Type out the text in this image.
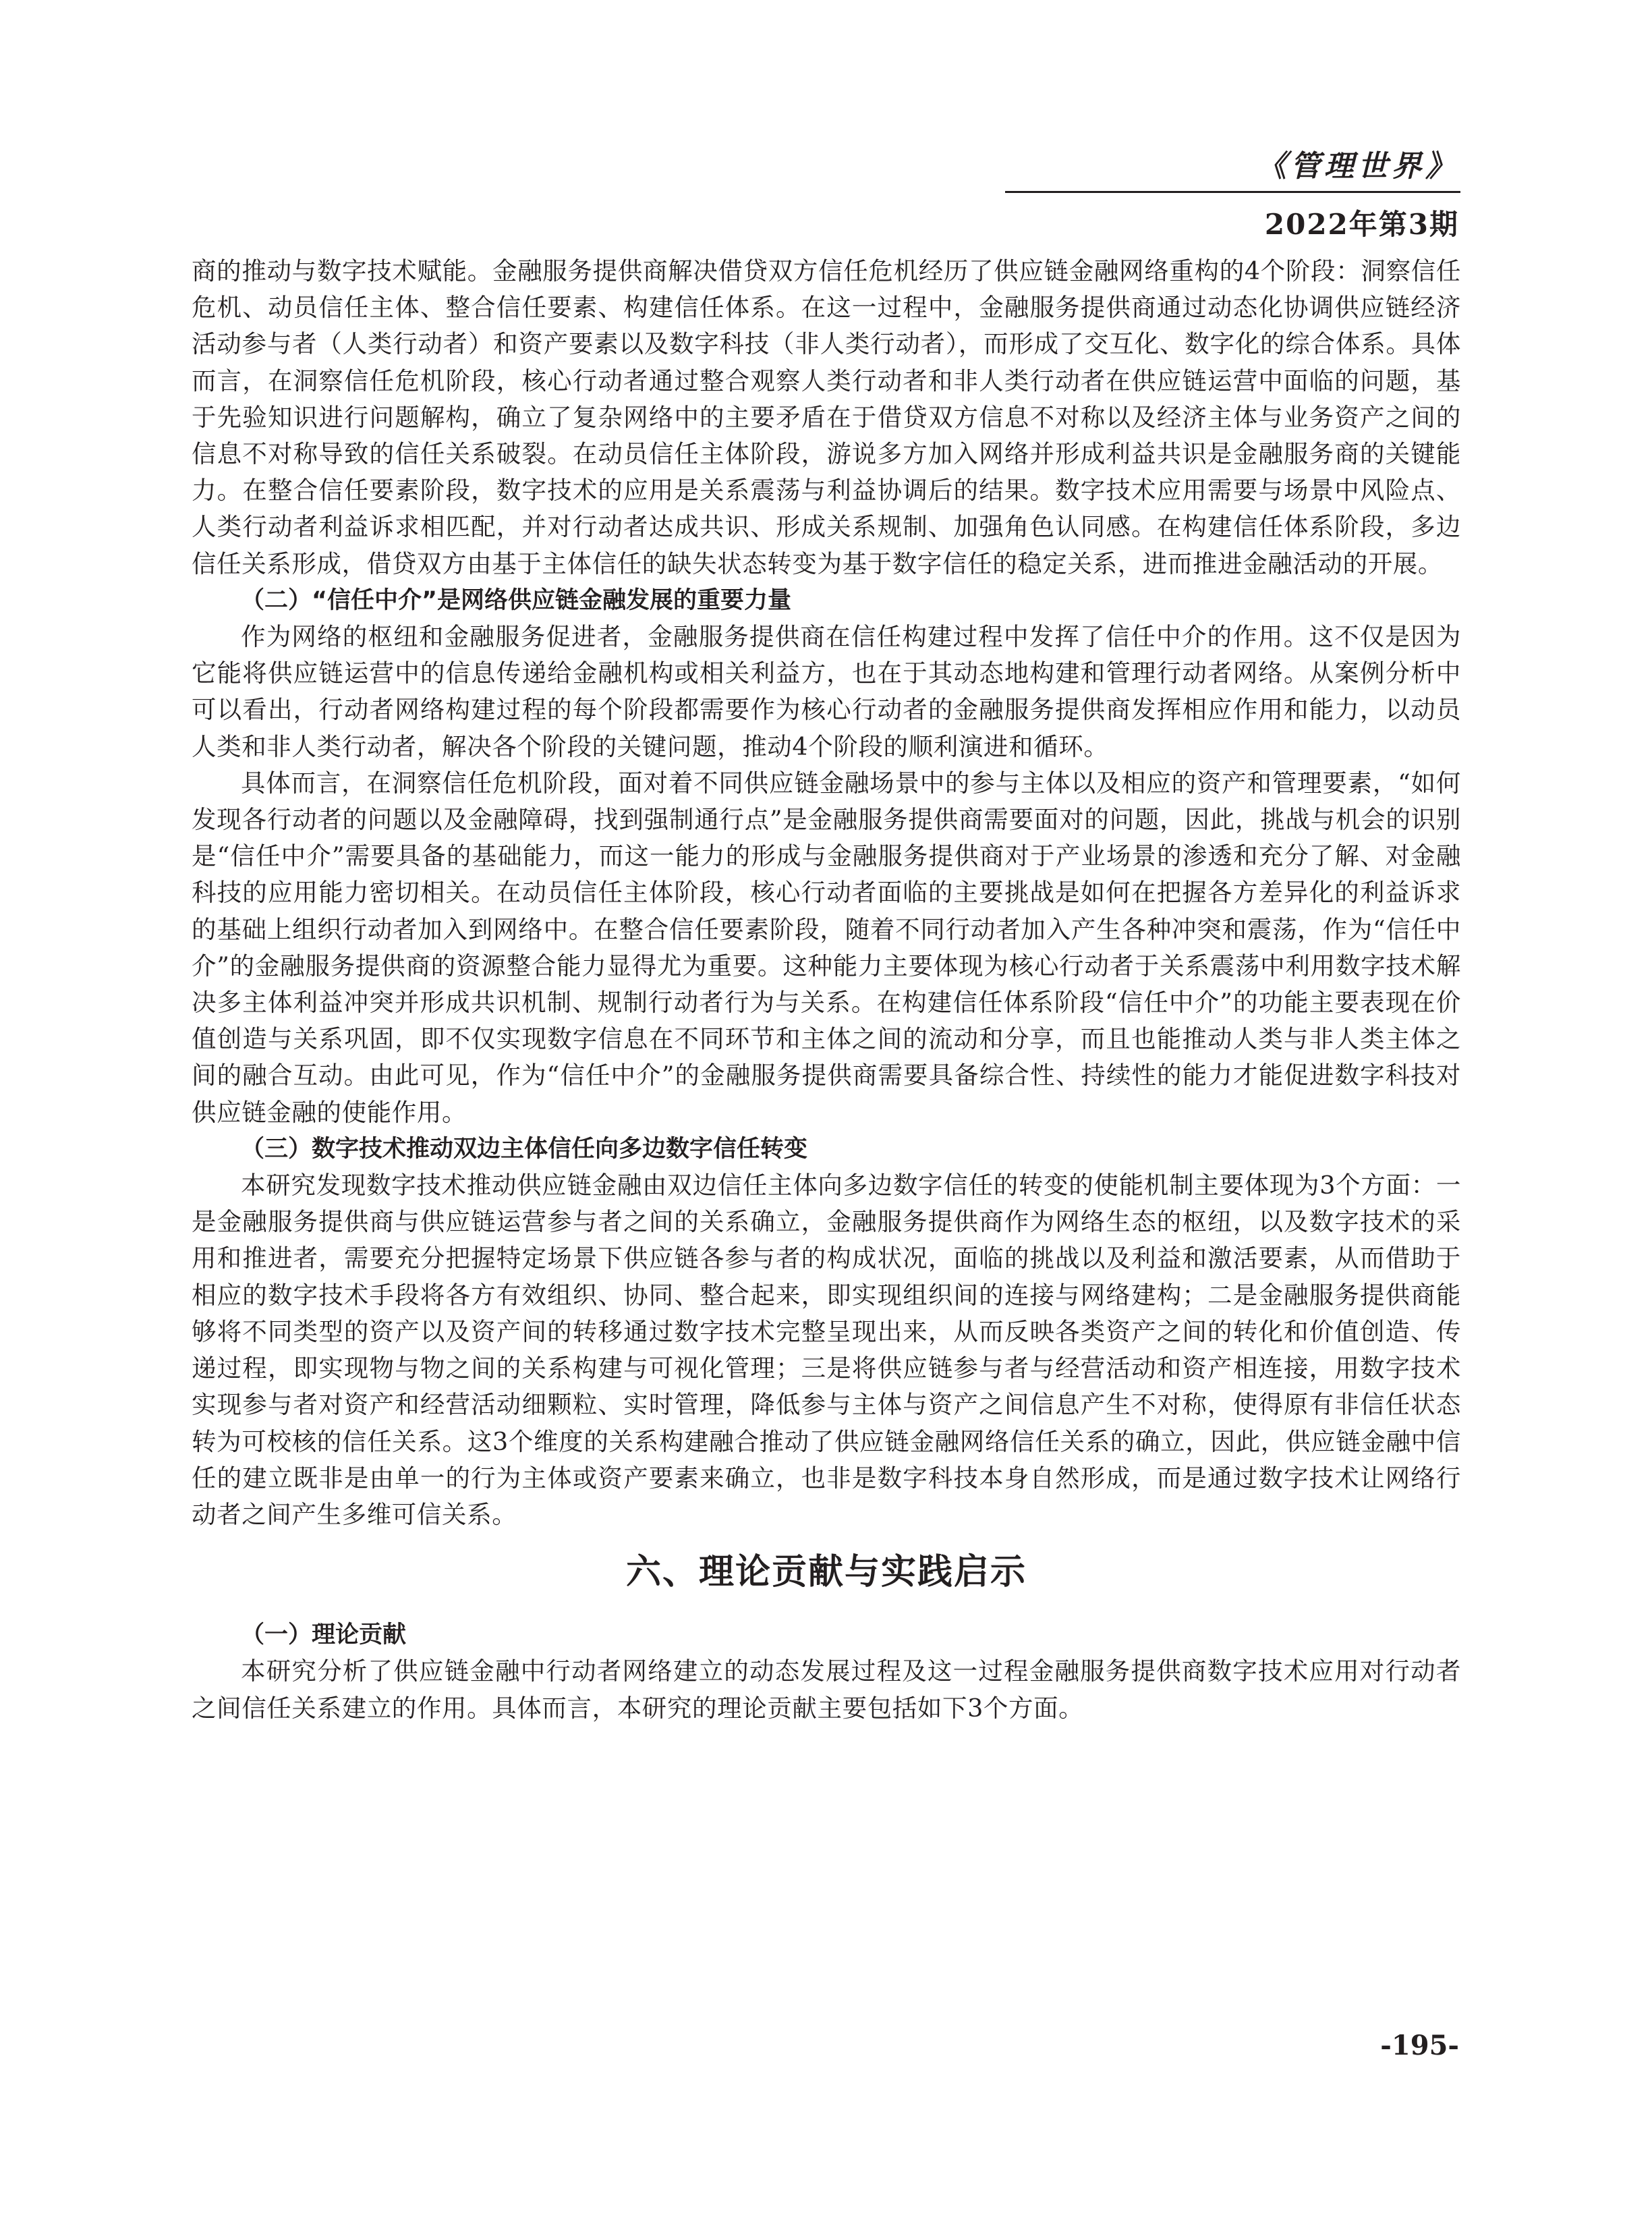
《管理世界》
2022年第3期

商的推动与数字技术赋能。金融服务提供商解决借贷双方信任危机经历了供应链金融网络重构的4个阶段：洞察信任危机、动员信任主体、整合信任要素、构建信任体系。在这一过程中，金融服务提供商通过动态化协调供应链经济活动参与者（人类行动者）和资产要素以及数字科技（非人类行动者），而形成了交互化、数字化的综合体系。具体而言，在洞察信任危机阶段，核心行动者通过整合观察人类行动者和非人类行动者在供应链运营中面临的问题，基于先验知识进行问题解构，确立了复杂网络中的主要矛盾在于借贷双方信息不对称以及经济主体与业务资产之间的信息不对称导致的信任关系破裂。在动员信任主体阶段，游说多方加入网络并形成利益共识是金融服务商的关键能力。在整合信任要素阶段，数字技术的应用是关系震荡与利益协调后的结果。数字技术应用需要与场景中风险点、人类行动者利益诉求相匹配，并对行动者达成共识、形成关系规制、加强角色认同感。在构建信任体系阶段，多边信任关系形成，借贷双方由基于主体信任的缺失状态转变为基于数字信任的稳定关系，进而推进金融活动的开展。

（二）“信任中介”是网络供应链金融发展的重要力量

作为网络的枢纽和金融服务促进者，金融服务提供商在信任构建过程中发挥了信任中介的作用。这不仅是因为它能将供应链运营中的信息传递给金融机构或相关利益方，也在于其动态地构建和管理行动者网络。从案例分析中可以看出，行动者网络构建过程的每个阶段都需要作为核心行动者的金融服务提供商发挥相应作用和能力，以动员人类和非人类行动者，解决各个阶段的关键问题，推动4个阶段的顺利演进和循环。

具体而言，在洞察信任危机阶段，面对着不同供应链金融场景中的参与主体以及相应的资产和管理要素，“如何发现各行动者的问题以及金融障碍，找到强制通行点”是金融服务提供商需要面对的问题，因此，挑战与机会的识别是“信任中介”需要具备的基础能力，而这一能力的形成与金融服务提供商对于产业场景的渗透和充分了解、对金融科技的应用能力密切相关。在动员信任主体阶段，核心行动者面临的主要挑战是如何在把握各方差异化的利益诉求的基础上组织行动者加入到网络中。在整合信任要素阶段，随着不同行动者加入产生各种冲突和震荡，作为“信任中介”的金融服务提供商的资源整合能力显得尤为重要。这种能力主要体现为核心行动者于关系震荡中利用数字技术解决多主体利益冲突并形成共识机制、规制行动者行为与关系。在构建信任体系阶段“信任中介”的功能主要表现在价值创造与关系巩固，即不仅实现数字信息在不同环节和主体之间的流动和分享，而且也能推动人类与非人类主体之间的融合互动。由此可见，作为“信任中介”的金融服务提供商需要具备综合性、持续性的能力才能促进数字科技对供应链金融的使能作用。

（三）数字技术推动双边主体信任向多边数字信任转变

本研究发现数字技术推动供应链金融由双边信任主体向多边数字信任的转变的使能机制主要体现为3个方面：一是金融服务提供商与供应链运营参与者之间的关系确立，金融服务提供商作为网络生态的枢纽，以及数字技术的采用和推进者，需要充分把握特定场景下供应链各参与者的构成状况，面临的挑战以及利益和激活要素，从而借助于相应的数字技术手段将各方有效组织、协同、整合起来，即实现组织间的连接与网络建构；二是金融服务提供商能够将不同类型的资产以及资产间的转移通过数字技术完整呈现出来，从而反映各类资产之间的转化和价值创造、传递过程，即实现物与物之间的关系构建与可视化管理；三是将供应链参与者与经营活动和资产相连接，用数字技术实现参与者对资产和经营活动细颗粒、实时管理，降低参与主体与资产之间信息产生不对称，使得原有非信任状态转为可校核的信任关系。这3个维度的关系构建融合推动了供应链金融网络信任关系的确立，因此，供应链金融中信任的建立既非是由单一的行为主体或资产要素来确立，也非是数字科技本身自然形成，而是通过数字技术让网络行动者之间产生多维可信关系。

六、理论贡献与实践启示
（一）理论贡献

本研究分析了供应链金融中行动者网络建立的动态发展过程及这一过程金融服务提供商数字技术应用对行动者之间信任关系建立的作用。具体而言，本研究的理论贡献主要包括如下3个方面。

-195-
